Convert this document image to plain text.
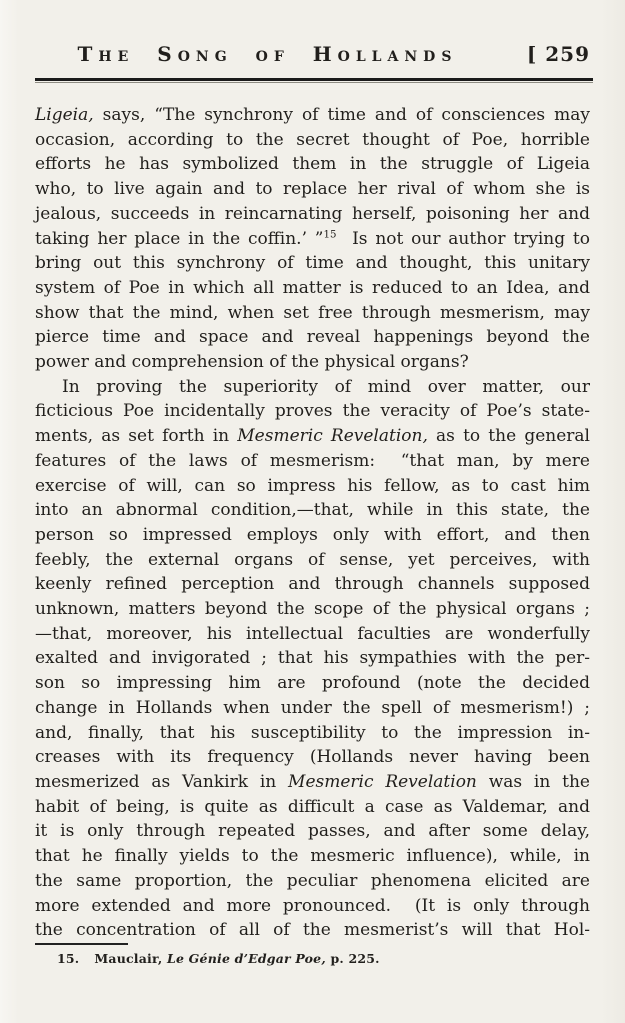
The Song of Hollands	[ 259
Ligeia, says, “The synchrony of time and of consciences may
occasion, according to the secret thought of Poe, horrible
efforts he has symbolized them in the struggle of Ligeia
who, to live again and to replace her rival of whom she is
jealous, succeeds in reincarnating herself, poisoning her and
taking her place in the coffin.’ ”$^{15}$  Is not our author trying to
bring out this synchrony of time and thought, this unitary
system of Poe in which all matter is reduced to an Idea, and
show that the mind, when set free through mesmerism, may
pierce time and space and reveal happenings beyond the
power and comprehension of the physical organs?
In proving the superiority of mind over matter, our
ficticious Poe incidentally proves the veracity of Poe’s state-
ments, as set forth in Mesmeric Revelation, as to the general
features of the laws of mesmerism:  “that man, by mere
exercise of will, can so impress his fellow, as to cast him
into an abnormal condition,—that, while in this state, the
person so impressed employs only with effort, and then
feebly, the external organs of sense, yet perceives, with
keenly refined perception and through channels supposed
unknown, matters beyond the scope of the physical organs ;
—that, moreover, his intellectual faculties are wonderfully
exalted and invigorated ; that his sympathies with the per-
son so impressing him are profound (note the decided
change in Hollands when under the spell of mesmerism!) ;
and, finally, that his susceptibility to the impression in-
creases with its frequency (Hollands never having been
mesmerized as Vankirk in Mesmeric Revelation was in the
habit of being, is quite as difficult a case as Valdemar, and
it is only through repeated passes, and after some delay,
that he finally yields to the mesmeric influence), while, in
the same proportion, the peculiar phenomena elicited are
more extended and more pronounced.  (It is only through
the concentration of all of the mesmerist’s will that Hol-
15. Mauclair, Le Génie d’Edgar Poe, p. 225.
